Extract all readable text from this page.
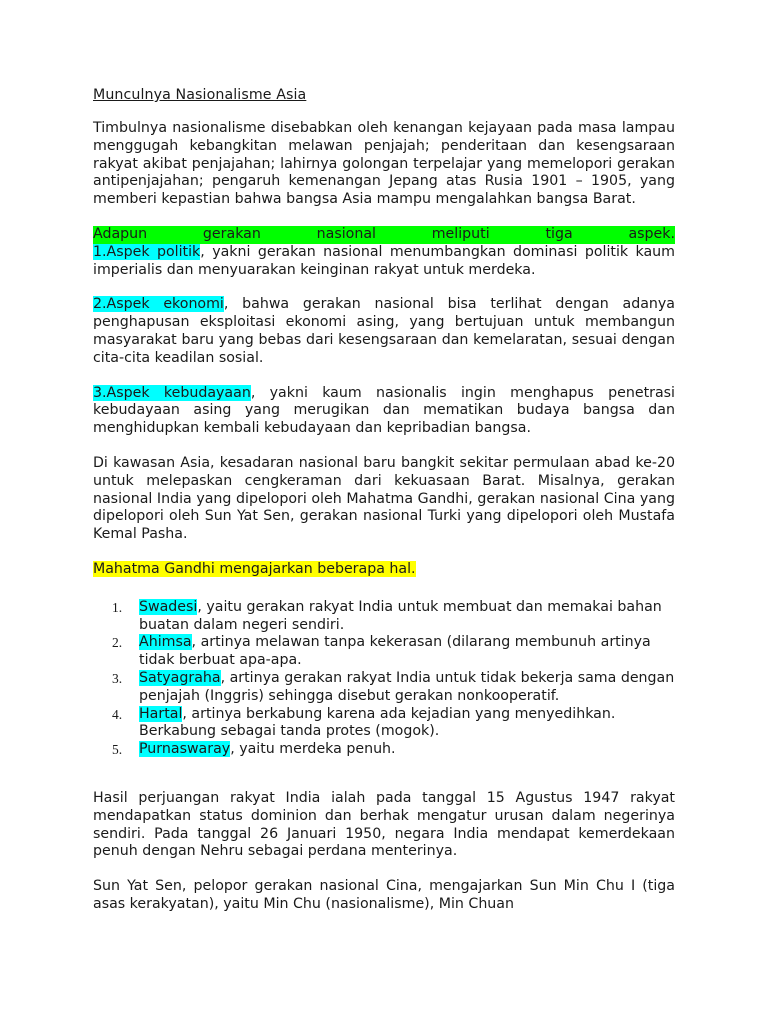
Munculnya Nasionalisme Asia

Timbulnya nasionalisme disebabkan oleh kenangan kejayaan pada masa lampau menggugah kebangkitan melawan penjajah; penderitaan dan kesengsaraan rakyat akibat penjajahan; lahirnya golongan terpelajar yang memelopori gerakan antipenjajahan; pengaruh kemenangan Jepang atas Rusia 1901 – 1905, yang memberi kepastian bahwa bangsa Asia mampu mengalahkan bangsa Barat.

Adapun gerakan nasional meliputi tiga aspek.
1.Aspek politik, yakni gerakan nasional menumbangkan dominasi politik kaum imperialis dan menyuarakan keinginan rakyat untuk merdeka.

2.Aspek ekonomi, bahwa gerakan nasional bisa terlihat dengan adanya penghapusan eksploitasi ekonomi asing, yang bertujuan untuk membangun masyarakat baru yang bebas dari kesengsaraan dan kemelaratan, sesuai dengan cita-cita keadilan sosial.

3.Aspek kebudayaan, yakni kaum nasionalis ingin menghapus penetrasi kebudayaan asing yang merugikan dan mematikan budaya bangsa dan menghidupkan kembali kebudayaan dan kepribadian bangsa.

Di kawasan Asia, kesadaran nasional baru bangkit sekitar permulaan abad ke-20 untuk melepaskan cengkeraman dari kekuasaan Barat. Misalnya, gerakan nasional India yang dipelopori oleh Mahatma Gandhi, gerakan nasional Cina yang dipelopori oleh Sun Yat Sen, gerakan nasional Turki yang dipelopori oleh Mustafa Kemal Pasha.

Mahatma Gandhi mengajarkan beberapa hal.

1. Swadesi, yaitu gerakan rakyat India untuk membuat dan memakai bahan buatan dalam negeri sendiri.
2. Ahimsa, artinya melawan tanpa kekerasan (dilarang membunuh artinya tidak berbuat apa-apa.
3. Satyagraha, artinya gerakan rakyat India untuk tidak bekerja sama dengan penjajah (Inggris) sehingga disebut gerakan nonkooperatif.
4. Hartal, artinya berkabung karena ada kejadian yang menyedihkan. Berkabung sebagai tanda protes (mogok).
5. Purnaswaray, yaitu merdeka penuh.

Hasil perjuangan rakyat India ialah pada tanggal 15 Agustus 1947 rakyat mendapatkan status dominion dan berhak mengatur urusan dalam negerinya sendiri. Pada tanggal 26 Januari 1950, negara India mendapat kemerdekaan penuh dengan Nehru sebagai perdana menterinya.

Sun Yat Sen, pelopor gerakan nasional Cina, mengajarkan Sun Min Chu I (tiga asas kerakyatan), yaitu Min Chu (nasionalisme), Min Chuan
